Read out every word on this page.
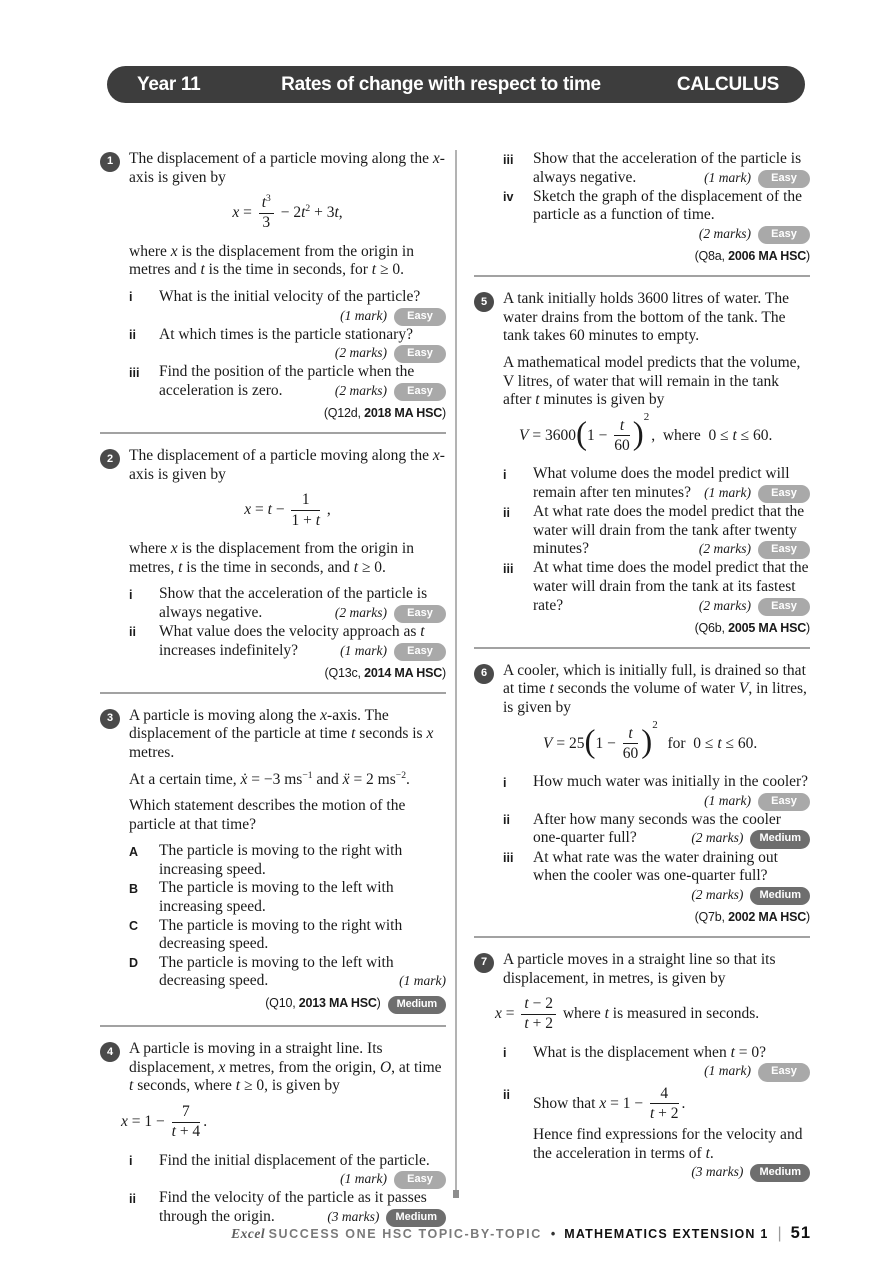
Year 11	Rates of change with respect to time	CALCULUS
1	The displacement of a particle moving along the x-axis is given by

$x = \frac{t^3}{3} - 2t^2 + 3t$,

where x is the displacement from the origin in metres and t is the time in seconds, for t ≥ 0.

i	What is the initial velocity of the particle?
(1 mark) Easy
ii	At which times is the particle stationary?
(2 marks) Easy
iii	Find the position of the particle when the acceleration is zero.	(2 marks) Easy
(Q12d, 2018 MA HSC)
2	The displacement of a particle moving along the x-axis is given by

$x = t - \frac{1}{1 + t}$ ,

where x is the displacement from the origin in metres, t is the time in seconds, and t ≥ 0.

i	Show that the acceleration of the particle is always negative.	(2 marks) Easy
ii	What value does the velocity approach as t increases indefinitely?	(1 mark) Easy
(Q13c, 2014 MA HSC)
3	A particle is moving along the x-axis. The displacement of the particle at time t seconds is x metres.

At a certain time, ẋ = −3 $ms^{-1}$ and ẍ = 2 $ms^{-2}$.

Which statement describes the motion of the particle at that time?

A	The particle is moving to the right with increasing speed.
B	The particle is moving to the left with increasing speed.
C	The particle is moving to the right with decreasing speed.
D	The particle is moving to the left with decreasing speed.	(1 mark)
(Q10, 2013 MA HSC) Medium
4	A particle is moving in a straight line. Its displacement, x metres, from the origin, O, at time t seconds, where t ≥ 0, is given by

$x = 1 - \frac{7}{t + 4}$ .
i	Find the initial displacement of the particle.
(1 mark) Easy
ii	Find the velocity of the particle as it passes through the origin.	(3 marks) Medium
iii	Show that the acceleration of the particle is always negative.	(1 mark) Easy
iv	Sketch the graph of the displacement of the particle as a function of time.
(2 marks) Easy
(Q8a, 2006 MA HSC)
5	A tank initially holds 3600 litres of water. The water drains from the bottom of the tank. The tank takes 60 minutes to empty.

A mathematical model predicts that the volume, V litres, of water that will remain in the tank after t minutes is given by

$V = 3600(1 - \frac{t}{60} )^2$,  where  0 ≤ t ≤ 60.
i	What volume does the model predict will remain after ten minutes? (1 mark) Easy
ii	At what rate does the model predict that the water will drain from the tank after twenty minutes?	(2 marks) Easy
iii	At what time does the model predict that the water will drain from the tank at its fastest rate?	(2 marks) Easy
(Q6b, 2005 MA HSC)
6	A cooler, which is initially full, is drained so that at time t seconds the volume of water V, in litres, is given by

$V = 25(1 - \frac{t}{60} )^2$  for  0 ≤ t ≤ 60.
i	How much water was initially in the cooler?
(1 mark) Easy
ii	After how many seconds was the cooler one-quarter full?	(2 marks) Medium
iii	At what rate was the water draining out when the cooler was one-quarter full?
(2 marks) Medium
(Q7b, 2002 MA HSC)
7	A particle moves in a straight line so that its displacement, in metres, is given by

$x = \frac{t - 2}{t + 2}$ where t is measured in seconds.
i	What is the displacement when t = 0?
(1 mark) Easy
ii	Show that $x = 1 - \frac{4}{t + 2}$ .
Hence find expressions for the velocity and the acceleration in terms of t.
(3 marks) Medium
Excel SUCCESS ONE HSC TOPIC-BY-TOPIC • MATHEMATICS EXTENSION 1 | 51
